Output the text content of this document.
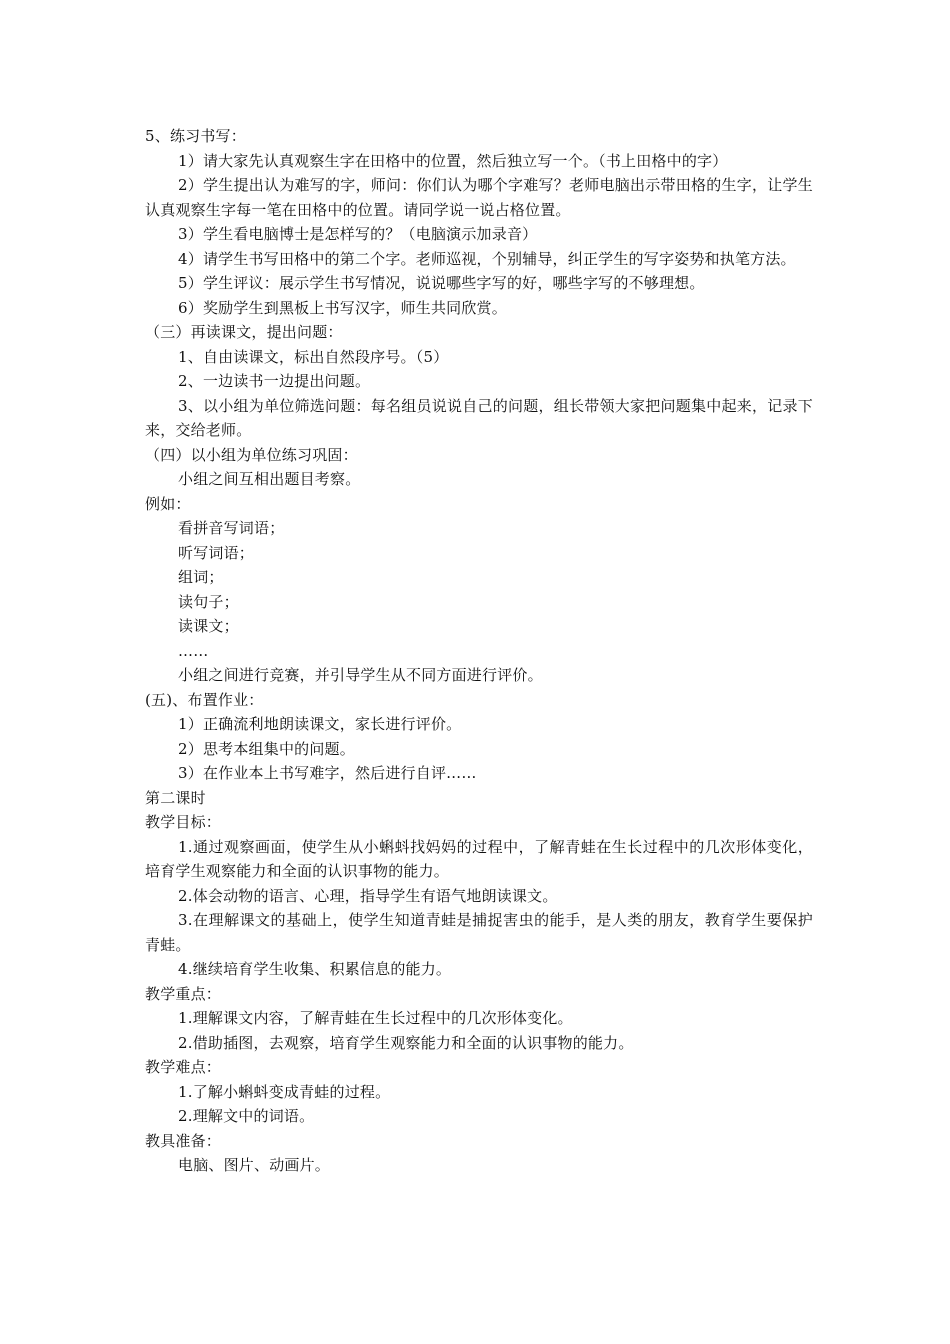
5、练习书写：
1）请大家先认真观察生字在田格中的位置，然后独立写一个。（书上田格中的字）
2）学生提出认为难写的字，师问：你们认为哪个字难写？老师电脑出示带田格的生字，让学生认真观察生字每一笔在田格中的位置。请同学说一说占格位置。
3）学生看电脑博士是怎样写的？（电脑演示加录音）
4）请学生书写田格中的第二个字。老师巡视，个别辅导，纠正学生的写字姿势和执笔方法。
5）学生评议：展示学生书写情况，说说哪些字写的好，哪些字写的不够理想。
6）奖励学生到黑板上书写汉字，师生共同欣赏。
（三）再读课文，提出问题：
1、自由读课文，标出自然段序号。（5）
2、一边读书一边提出问题。
3、以小组为单位筛选问题：每名组员说说自己的问题，组长带领大家把问题集中起来，记录下来，交给老师。
（四）以小组为单位练习巩固：
小组之间互相出题目考察。
例如：
看拼音写词语；
听写词语；
组词；
读句子；
读课文；
……
小组之间进行竞赛，并引导学生从不同方面进行评价。
(五)、布置作业：
1）正确流利地朗读课文，家长进行评价。
2）思考本组集中的问题。
3）在作业本上书写难字，然后进行自评……
第二课时
教学目标：
1.通过观察画面，使学生从小蝌蚪找妈妈的过程中，了解青蛙在生长过程中的几次形体变化，培育学生观察能力和全面的认识事物的能力。
2.体会动物的语言、心理，指导学生有语气地朗读课文。
3.在理解课文的基础上，使学生知道青蛙是捕捉害虫的能手，是人类的朋友，教育学生要保护青蛙。
4.继续培育学生收集、积累信息的能力。
教学重点：
1.理解课文内容，了解青蛙在生长过程中的几次形体变化。
2.借助插图，去观察，培育学生观察能力和全面的认识事物的能力。
教学难点：
1.了解小蝌蚪变成青蛙的过程。
2.理解文中的词语。
教具准备：
电脑、图片、动画片。
